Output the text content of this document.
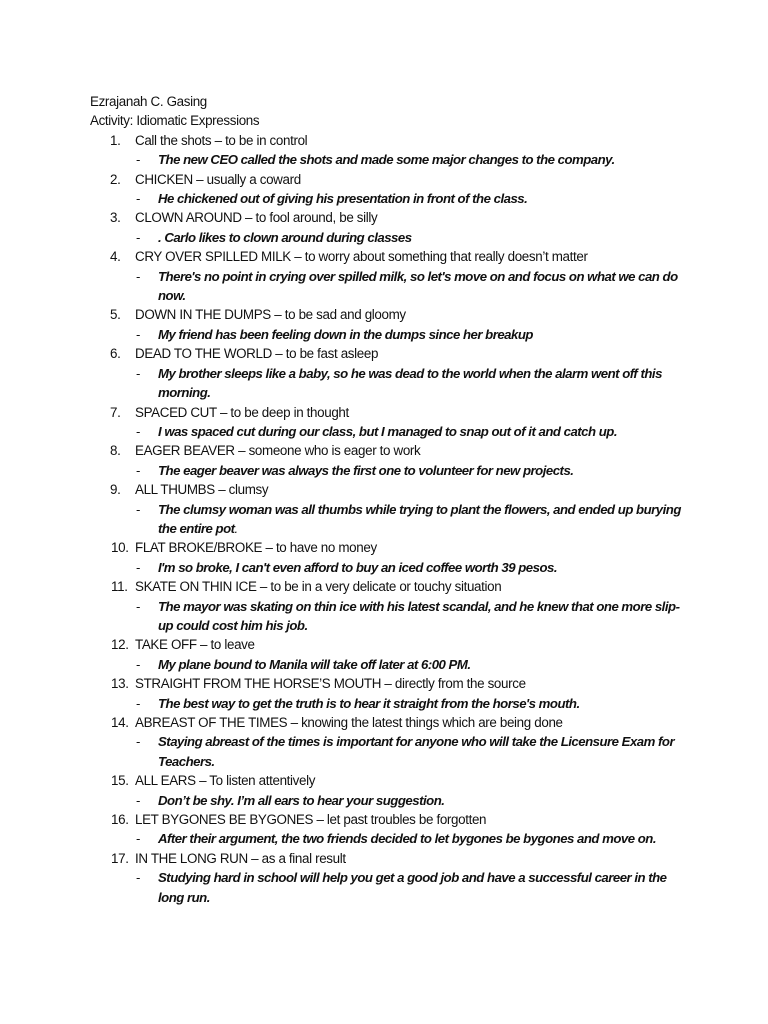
Ezrajanah C. Gasing
Activity: Idiomatic Expressions
1. Call the shots – to be in control
- The new CEO called the shots and made some major changes to the company.
2. CHICKEN – usually a coward
- He chickened out of giving his presentation in front of the class.
3. CLOWN AROUND – to fool around, be silly
- . Carlo likes to clown around during classes
4. CRY OVER SPILLED MILK – to worry about something that really doesn’t matter
- There's no point in crying over spilled milk, so let's move on and focus on what we can do now.
5. DOWN IN THE DUMPS – to be sad and gloomy
- My friend has been feeling down in the dumps since her breakup
6. DEAD TO THE WORLD – to be fast asleep
- My brother sleeps like a baby, so he was dead to the world when the alarm went off this morning.
7. SPACED CUT – to be deep in thought
- I was spaced cut during our class, but I managed to snap out of it and catch up.
8. EAGER BEAVER – someone who is eager to work
- The eager beaver was always the first one to volunteer for new projects.
9. ALL THUMBS – clumsy
- The clumsy woman was all thumbs while trying to plant the flowers, and ended up burying the entire pot.
10. FLAT BROKE/BROKE – to have no money
- I'm so broke, I can't even afford to buy an iced coffee worth 39 pesos.
11. SKATE ON THIN ICE – to be in a very delicate or touchy situation
- The mayor was skating on thin ice with his latest scandal, and he knew that one more slip-up could cost him his job.
12. TAKE OFF – to leave
- My plane bound to Manila will take off later at 6:00 PM.
13. STRAIGHT FROM THE HORSE’S MOUTH – directly from the source
- The best way to get the truth is to hear it straight from the horse's mouth.
14. ABREAST OF THE TIMES – knowing the latest things which are being done
- Staying abreast of the times is important for anyone who will take the Licensure Exam for Teachers.
15. ALL EARS – To listen attentively
- Don’t be shy. I’m all ears to hear your suggestion.
16. LET BYGONES BE BYGONES – let past troubles be forgotten
- After their argument, the two friends decided to let bygones be bygones and move on.
17. IN THE LONG RUN – as a final result
- Studying hard in school will help you get a good job and have a successful career in the long run.
